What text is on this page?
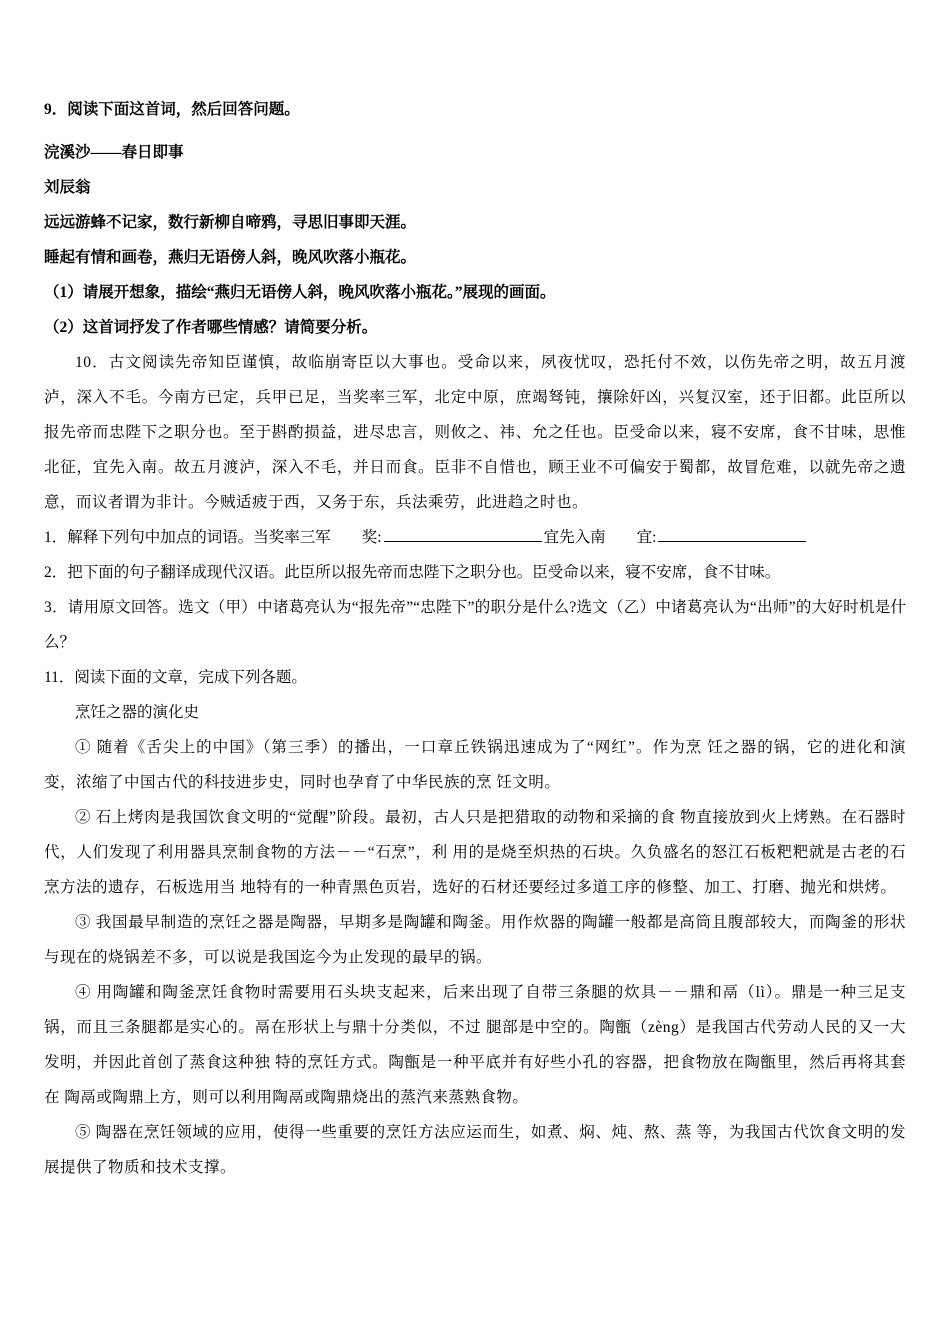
9．阅读下面这首词，然后回答问题。

浣溪沙——春日即事

刘辰翁

远远游蜂不记家，数行新柳自啼鸦，寻思旧事即天涯。

睡起有情和画卷，燕归无语傍人斜，晚风吹落小瓶花。

（1）请展开想象，描绘“燕归无语傍人斜，晚风吹落小瓶花。”展现的画面。

（2）这首词抒发了作者哪些情感？请简要分析。

10．古文阅读先帝知臣谨慎，故临崩寄臣以大事也。受命以来，夙夜忧叹，恐托付不效，以伤先帝之明，故五月渡泸，深入不毛。今南方已定，兵甲已足，当奖率三军，北定中原，庶竭驽钝，攘除奸凶，兴复汉室，还于旧都。此臣所以报先帝而忠陛下之职分也。至于斟酌损益，进尽忠言，则攸之、祎、允之任也。臣受命以来，寝不安席，食不甘味，思惟北征，宜先入南。故五月渡泸，深入不毛，并日而食。臣非不自惜也，顾王业不可偏安于蜀都，故冒危难，以就先帝之遗意，而议者谓为非计。今贼适疲于西，又务于东，兵法乘劳，此进趋之时也。

1．解释下列句中加点的词语。当奖率三军　　奖:	宜先入南　　宜:

2．把下面的句子翻译成现代汉语。此臣所以报先帝而忠陛下之职分也。臣受命以来，寝不安席，食不甘味。

3．请用原文回答。选文（甲）中诸葛亮认为“报先帝”“忠陛下”的职分是什么?选文（乙）中诸葛亮认为“出师”的大好时机是什么？

11．阅读下面的文章，完成下列各题。

烹饪之器的演化史

① 随着《舌尖上的中国》（第三季）的播出，一口章丘铁锅迅速成为了“网红”。作为烹 饪之器的锅，它的进化和演变，浓缩了中国古代的科技进步史，同时也孕育了中华民族的烹 饪文明。

② 石上烤肉是我国饮食文明的“觉醒”阶段。最初，古人只是把猎取的动物和采摘的食 物直接放到火上烤熟。在石器时代，人们发现了利用器具烹制食物的方法－－“石烹”，利 用的是烧至炽热的石块。久负盛名的怒江石板粑粑就是古老的石烹方法的遗存，石板选用当 地特有的一种青黑色页岩，选好的石材还要经过多道工序的修整、加工、打磨、抛光和烘烤。

③ 我国最早制造的烹饪之器是陶器，早期多是陶罐和陶釜。用作炊器的陶罐一般都是高筒且腹部较大，而陶釜的形状与现在的烧锅差不多，可以说是我国迄今为止发现的最早的锅。

④ 用陶罐和陶釜烹饪食物时需要用石头块支起来，后来出现了自带三条腿的炊具－－鼎和鬲（lì）。鼎是一种三足支锅，而且三条腿都是实心的。鬲在形状上与鼎十分类似，不过 腿部是中空的。陶甑（zèng）是我国古代劳动人民的又一大发明，并因此首创了蒸食这种独 特的烹饪方式。陶甑是一种平底并有好些小孔的容器，把食物放在陶甑里，然后再将其套在 陶鬲或陶鼎上方，则可以利用陶鬲或陶鼎烧出的蒸汽来蒸熟食物。

⑤ 陶器在烹饪领域的应用，使得一些重要的烹饪方法应运而生，如煮、焖、炖、熬、蒸 等，为我国古代饮食文明的发展提供了物质和技术支撑。
